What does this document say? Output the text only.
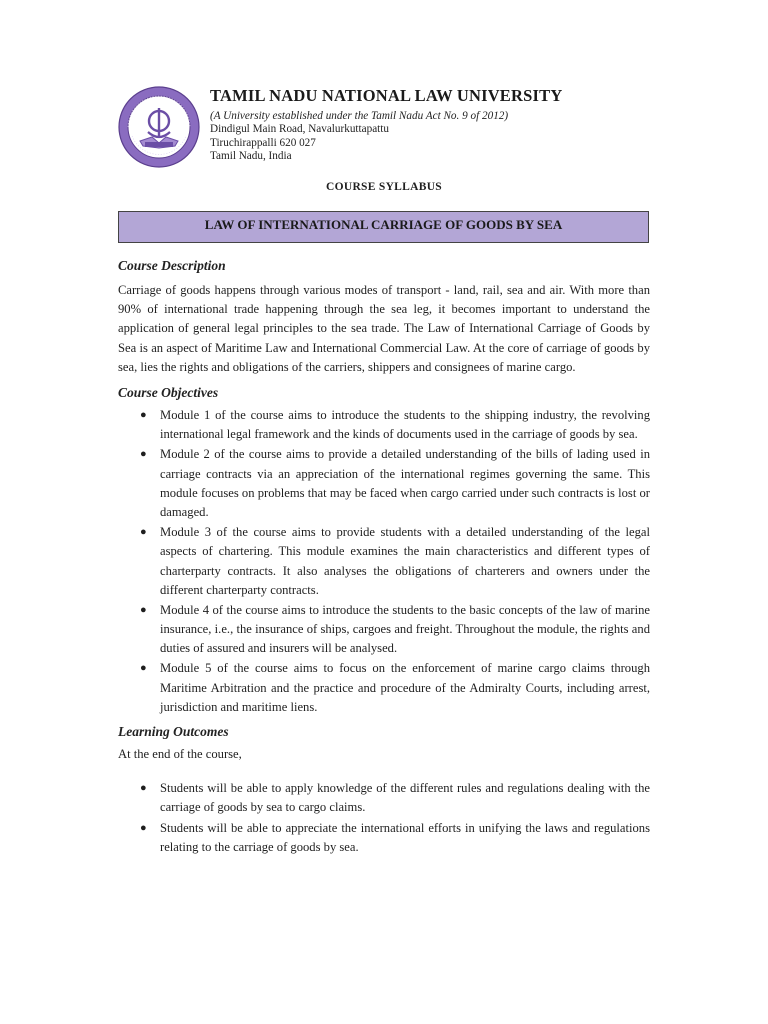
TAMIL NADU NATIONAL LAW UNIVERSITY
(A University established under the Tamil Nadu Act No. 9 of 2012)
Dindigul Main Road, Navalurkuttapattu
Tiruchirappalli 620 027
Tamil Nadu, India
COURSE SYLLABUS
LAW OF INTERNATIONAL CARRIAGE OF GOODS BY SEA
Course Description

Carriage of goods happens through various modes of transport - land, rail, sea and air. With more than 90% of international trade happening through the sea leg, it becomes important to understand the application of general legal principles to the sea trade. The Law of International Carriage of Goods by Sea is an aspect of Maritime Law and International Commercial Law. At the core of carriage of goods by sea, lies the rights and obligations of the carriers, shippers and consignees of marine cargo.

Course Objectives
● Module 1 of the course aims to introduce the students to the shipping industry, the revolving international legal framework and the kinds of documents used in the carriage of goods by sea.
● Module 2 of the course aims to provide a detailed understanding of the bills of lading used in carriage contracts via an appreciation of the international regimes governing the same. This module focuses on problems that may be faced when cargo carried under such contracts is lost or damaged.
● Module 3 of the course aims to provide students with a detailed understanding of the legal aspects of chartering. This module examines the main characteristics and different types of charterparty contracts. It also analyses the obligations of charterers and owners under the different charterparty contracts.
● Module 4 of the course aims to introduce the students to the basic concepts of the law of marine insurance, i.e., the insurance of ships, cargoes and freight. Throughout the module, the rights and duties of assured and insurers will be analysed.
● Module 5 of the course aims to focus on the enforcement of marine cargo claims through Maritime Arbitration and the practice and procedure of the Admiralty Courts, including arrest, jurisdiction and maritime liens.
Learning Outcomes

At the end of the course,

● Students will be able to apply knowledge of the different rules and regulations dealing with the carriage of goods by sea to cargo claims.
● Students will be able to appreciate the international efforts in unifying the laws and regulations relating to the carriage of goods by sea.
